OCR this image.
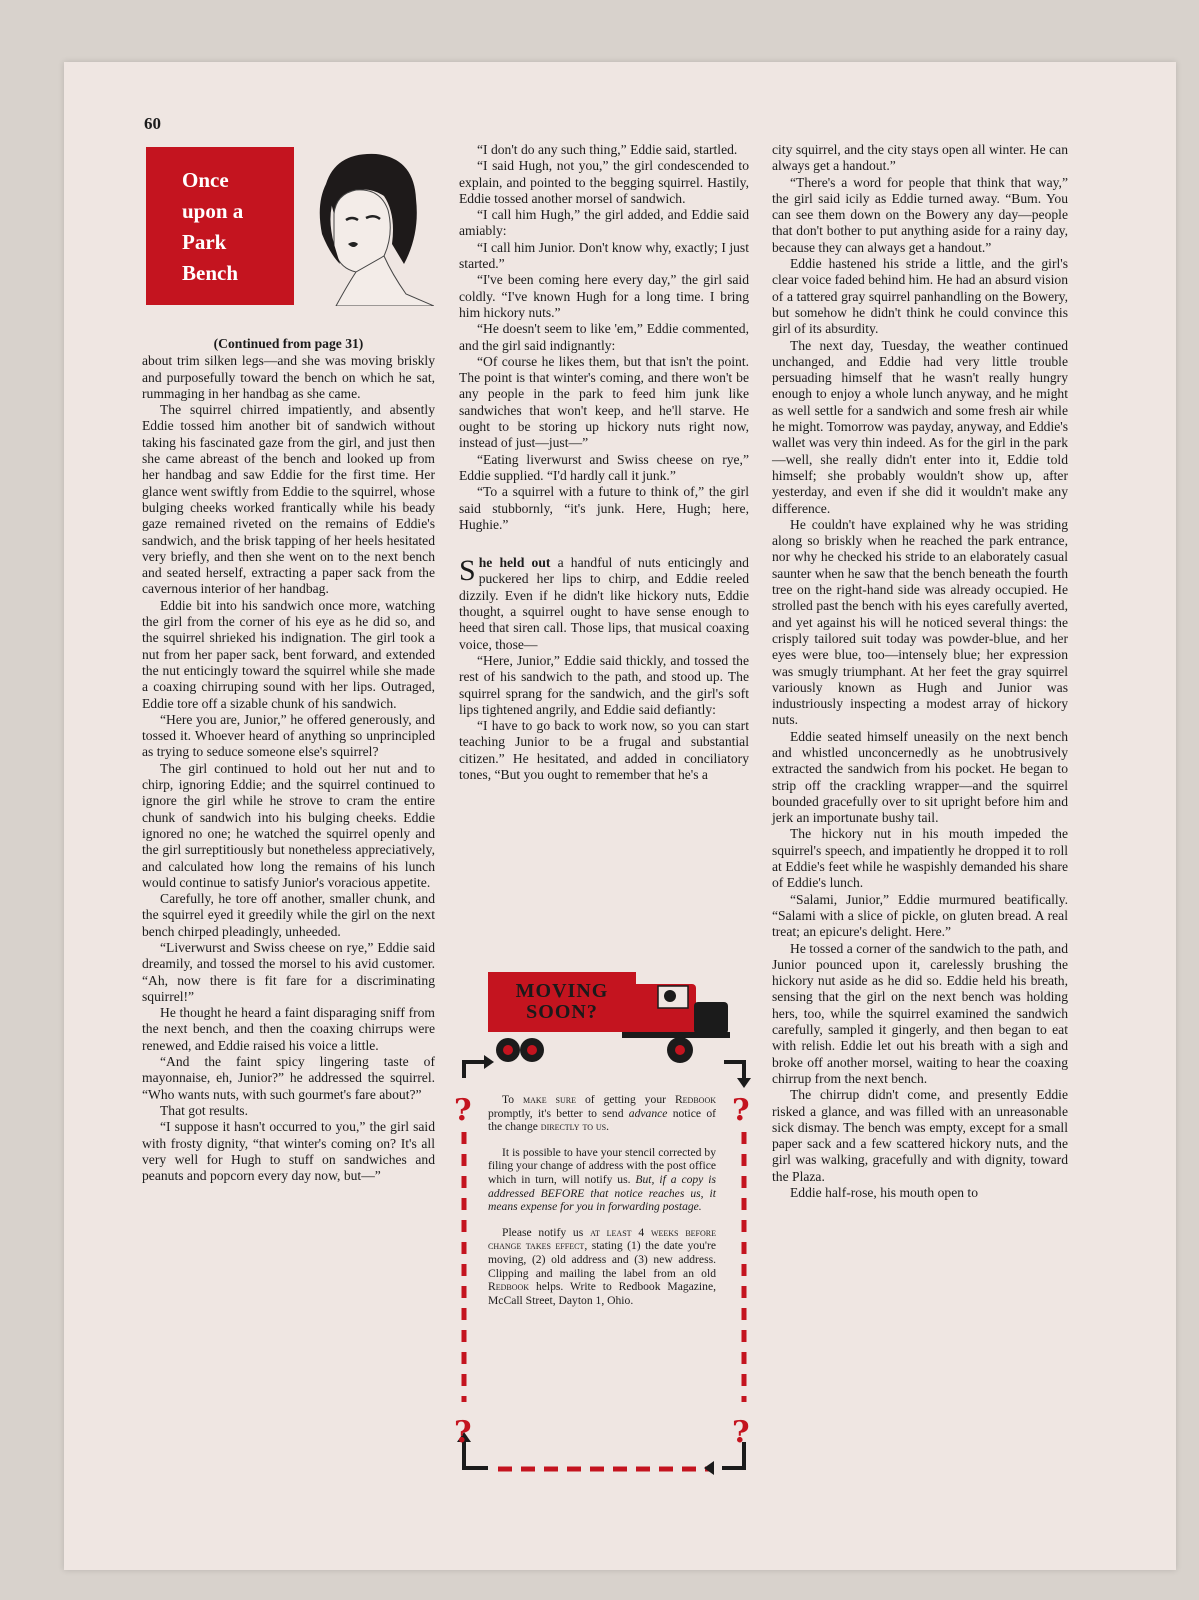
60
Once
upon a
Park
Bench

(Continued from page 31)

about trim silken legs—and she was moving briskly and purposefully toward the bench on which he sat, rummaging in her handbag as she came.

The squirrel chirred impatiently, and absently Eddie tossed him another bit of sandwich without taking his fascinated gaze from the girl, and just then she came abreast of the bench and looked up from her handbag and saw Eddie for the first time. Her glance went swiftly from Eddie to the squirrel, whose bulging cheeks worked frantically while his beady gaze remained riveted on the remains of Eddie's sandwich, and the brisk tapping of her heels hesitated very briefly, and then she went on to the next bench and seated herself, extracting a paper sack from the cavernous interior of her handbag.

Eddie bit into his sandwich once more, watching the girl from the corner of his eye as he did so, and the squirrel shrieked his indignation. The girl took a nut from her paper sack, bent forward, and extended the nut enticingly toward the squirrel while she made a coaxing chirruping sound with her lips. Outraged, Eddie tore off a sizable chunk of his sandwich.

“Here you are, Junior,” he offered generously, and tossed it. Whoever heard of anything so unprincipled as trying to seduce someone else's squirrel?

The girl continued to hold out her nut and to chirp, ignoring Eddie; and the squirrel continued to ignore the girl while he strove to cram the entire chunk of sandwich into his bulging cheeks. Eddie ignored no one; he watched the squirrel openly and the girl surreptitiously but nonetheless appreciatively, and calculated how long the remains of his lunch would continue to satisfy Junior's voracious appetite.

Carefully, he tore off another, smaller chunk, and the squirrel eyed it greedily while the girl on the next bench chirped pleadingly, unheeded.

“Liverwurst and Swiss cheese on rye,” Eddie said dreamily, and tossed the morsel to his avid customer. “Ah, now there is fit fare for a discriminating squirrel!”

He thought he heard a faint disparaging sniff from the next bench, and then the coaxing chirrups were renewed, and Eddie raised his voice a little.

“And the faint spicy lingering taste of mayonnaise, eh, Junior?” he addressed the squirrel. “Who wants nuts, with such gourmet's fare about?”

That got results.

“I suppose it hasn't occurred to you,” the girl said with frosty dignity, “that winter's coming on? It's all very well for Hugh to stuff on sandwiches and peanuts and popcorn every day now, but—”

“I don't do any such thing,” Eddie said, startled.

“I said Hugh, not you,” the girl condescended to explain, and pointed to the begging squirrel. Hastily, Eddie tossed another morsel of sandwich.

“I call him Hugh,” the girl added, and Eddie said amiably:

“I call him Junior. Don't know why, exactly; I just started.”

“I've been coming here every day,” the girl said coldly. “I've known Hugh for a long time. I bring him hickory nuts.”

“He doesn't seem to like 'em,” Eddie commented, and the girl said indignantly:

“Of course he likes them, but that isn't the point. The point is that winter's coming, and there won't be any people in the park to feed him junk like sandwiches that won't keep, and he'll starve. He ought to be storing up hickory nuts right now, instead of just—just—”

“Eating liverwurst and Swiss cheese on rye,” Eddie supplied. “I'd hardly call it junk.”

“To a squirrel with a future to think of,” the girl said stubbornly, “it's junk. Here, Hugh; here, Hughie.”

She held out a handful of nuts enticingly and puckered her lips to chirp, and Eddie reeled dizzily. Even if he didn't like hickory nuts, Eddie thought, a squirrel ought to have sense enough to heed that siren call. Those lips, that musical coaxing voice, those—

“Here, Junior,” Eddie said thickly, and tossed the rest of his sandwich to the path, and stood up. The squirrel sprang for the sandwich, and the girl's soft lips tightened angrily, and Eddie said defiantly:

“I have to go back to work now, so you can start teaching Junior to be a frugal and substantial citizen.” He hesitated, and added in conciliatory tones, “But you ought to remember that he's a

city squirrel, and the city stays open all winter. He can always get a handout.”

“There's a word for people that think that way,” the girl said icily as Eddie turned away. “Bum. You can see them down on the Bowery any day—people that don't bother to put anything aside for a rainy day, because they can always get a handout.”

Eddie hastened his stride a little, and the girl's clear voice faded behind him. He had an absurd vision of a tattered gray squirrel panhandling on the Bowery, but somehow he didn't think he could convince this girl of its absurdity.

The next day, Tuesday, the weather continued unchanged, and Eddie had very little trouble persuading himself that he wasn't really hungry enough to enjoy a whole lunch anyway, and he might as well settle for a sandwich and some fresh air while he might. Tomorrow was payday, anyway, and Eddie's wallet was very thin indeed. As for the girl in the park—well, she really didn't enter into it, Eddie told himself; she probably wouldn't show up, after yesterday, and even if she did it wouldn't make any difference.

He couldn't have explained why he was striding along so briskly when he reached the park entrance, nor why he checked his stride to an elaborately casual saunter when he saw that the bench beneath the fourth tree on the right-hand side was already occupied. He strolled past the bench with his eyes carefully averted, and yet against his will he noticed several things: the crisply tailored suit today was powder-blue, and her eyes were blue, too—intensely blue; her expression was smugly triumphant. At her feet the gray squirrel variously known as Hugh and Junior was industriously inspecting a modest array of hickory nuts.

Eddie seated himself uneasily on the next bench and whistled unconcernedly as he unobtrusively extracted the sandwich from his pocket. He began to strip off the crackling wrapper—and the squirrel bounded gracefully over to sit upright before him and jerk an importunate bushy tail.

The hickory nut in his mouth impeded the squirrel's speech, and impatiently he dropped it to roll at Eddie's feet while he waspishly demanded his share of Eddie's lunch.

“Salami, Junior,” Eddie murmured beatifically. “Salami with a slice of pickle, on gluten bread. A real treat; an epicure's delight. Here.”

He tossed a corner of the sandwich to the path, and Junior pounced upon it, carelessly brushing the hickory nut aside as he did so. Eddie held his breath, sensing that the girl on the next bench was holding hers, too, while the squirrel examined the sandwich carefully, sampled it gingerly, and then began to eat with relish. Eddie let out his breath with a sigh and broke off another morsel, waiting to hear the coaxing chirrup from the next bench.

The chirrup didn't come, and presently Eddie risked a glance, and was filled with an unreasonable sick dismay. The bench was empty, except for a small paper sack and a few scattered hickory nuts, and the girl was walking, gracefully and with dignity, toward the Plaza.

Eddie half-rose, his mouth open to

?	?
?	?
MOVING
SOON?

To make sure of getting your Redbook promptly, it's better to send advance notice of the change directly to us.

It is possible to have your stencil corrected by filing your change of address with the post office which in turn, will notify us. But, if a copy is addressed BEFORE that notice reaches us, it means expense for you in forwarding postage.

Please notify us at least 4 weeks before change takes effect, stating (1) the date you're moving, (2) old address and (3) new address. Clipping and mailing the label from an old Redbook helps. Write to Redbook Magazine, McCall Street, Dayton 1, Ohio.
